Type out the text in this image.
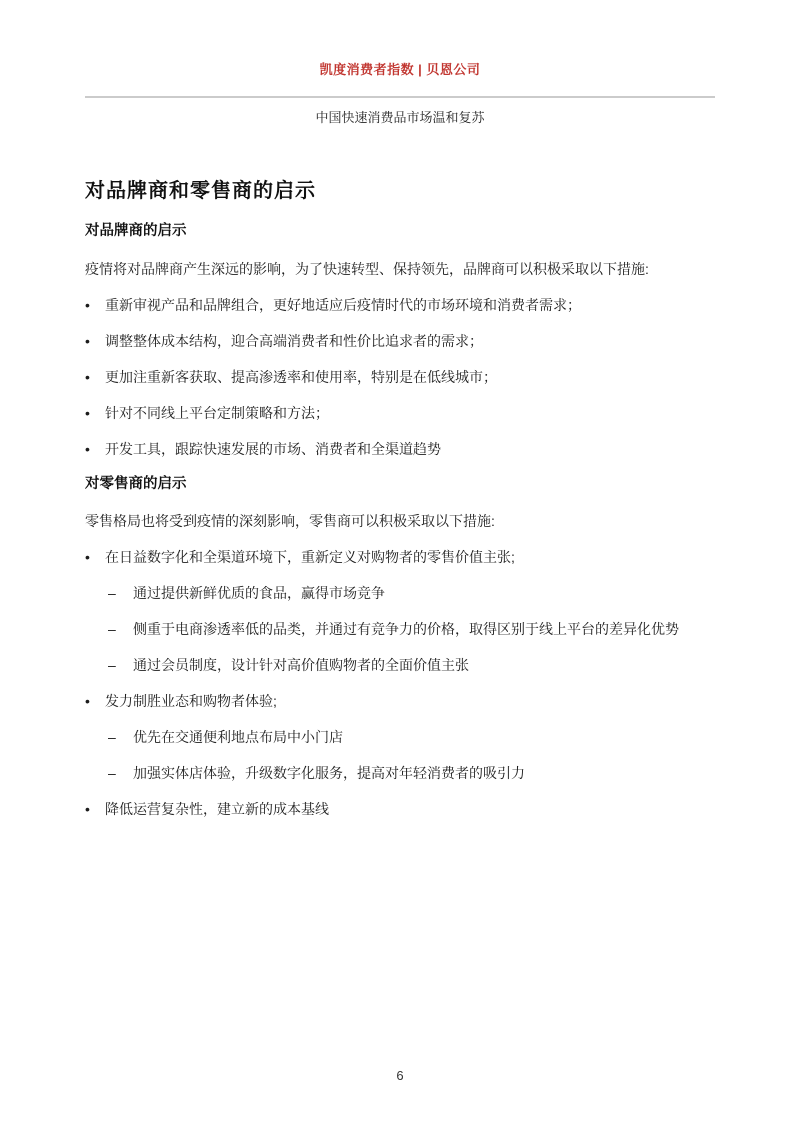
凯度消费者指数 | 贝恩公司
中国快速消费品市场温和复苏
对品牌商和零售商的启示
对品牌商的启示
疫情将对品牌商产生深远的影响，为了快速转型、保持领先，品牌商可以积极采取以下措施:
•	重新审视产品和品牌组合，更好地适应后疫情时代的市场环境和消费者需求；
•	调整整体成本结构，迎合高端消费者和性价比追求者的需求；
•	更加注重新客获取、提高渗透率和使用率，特别是在低线城市；
•	针对不同线上平台定制策略和方法；
•	开发工具，跟踪快速发展的市场、消费者和全渠道趋势
对零售商的启示
零售格局也将受到疫情的深刻影响，零售商可以积极采取以下措施:
•	在日益数字化和全渠道环境下，重新定义对购物者的零售价值主张;
–	通过提供新鲜优质的食品，赢得市场竞争
–	侧重于电商渗透率低的品类，并通过有竞争力的价格，取得区别于线上平台的差异化优势
–	通过会员制度，设计针对高价值购物者的全面价值主张
•	发力制胜业态和购物者体验;
–	优先在交通便利地点布局中小门店
–	加强实体店体验，升级数字化服务，提高对年轻消费者的吸引力
•	降低运营复杂性，建立新的成本基线
6
